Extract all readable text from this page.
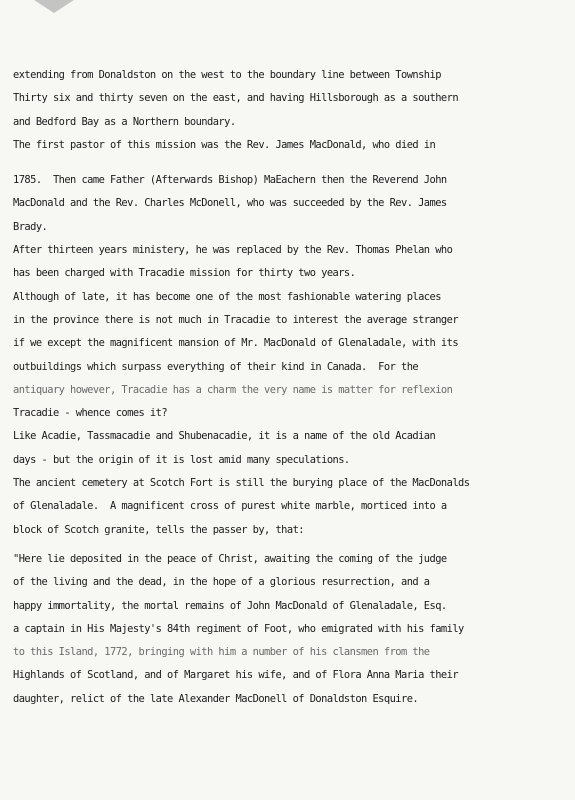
extending from Donaldston on the west to the boundary line between Township
Thirty six and thirty seven on the east, and having Hillsborough as a southern
and Bedford Bay as a Northern boundary.
The first pastor of this mission was the Rev. James MacDonald, who died in
1785.  Then came Father (Afterwards Bishop) MaEachern then the Reverend John
MacDonald and the Rev. Charles McDonell, who was succeeded by the Rev. James
Brady.
After thirteen years ministery, he was replaced by the Rev. Thomas Phelan who
has been charged with Tracadie mission for thirty two years.
Although of late, it has become one of the most fashionable watering places
in the province there is not much in Tracadie to interest the average stranger
if we except the magnificent mansion of Mr. MacDonald of Glenaladale, with its
outbuildings which surpass everything of their kind in Canada.  For the
antiquary however, Tracadie has a charm the very name is matter for reflexion
Tracadie - whence comes it?
Like Acadie, Tassmacadie and Shubenacadie, it is a name of the old Acadian
days - but the origin of it is lost amid many speculations.
The ancient cemetery at Scotch Fort is still the burying place of the MacDonalds
of Glenaladale.  A magnificent cross of purest white marble, morticed into a
block of Scotch granite, tells the passer by, that:
"Here lie deposited in the peace of Christ, awaiting the coming of the judge
of the living and the dead, in the hope of a glorious resurrection, and a
happy immortality, the mortal remains of John MacDonald of Glenaladale, Esq.
a captain in His Majesty's 84th regiment of Foot, who emigrated with his family
to this Island, 1772, bringing with him a number of his clansmen from the
Highlands of Scotland, and of Margaret his wife, and of Flora Anna Maria their
daughter, relict of the late Alexander MacDonell of Donaldston Esquire.
